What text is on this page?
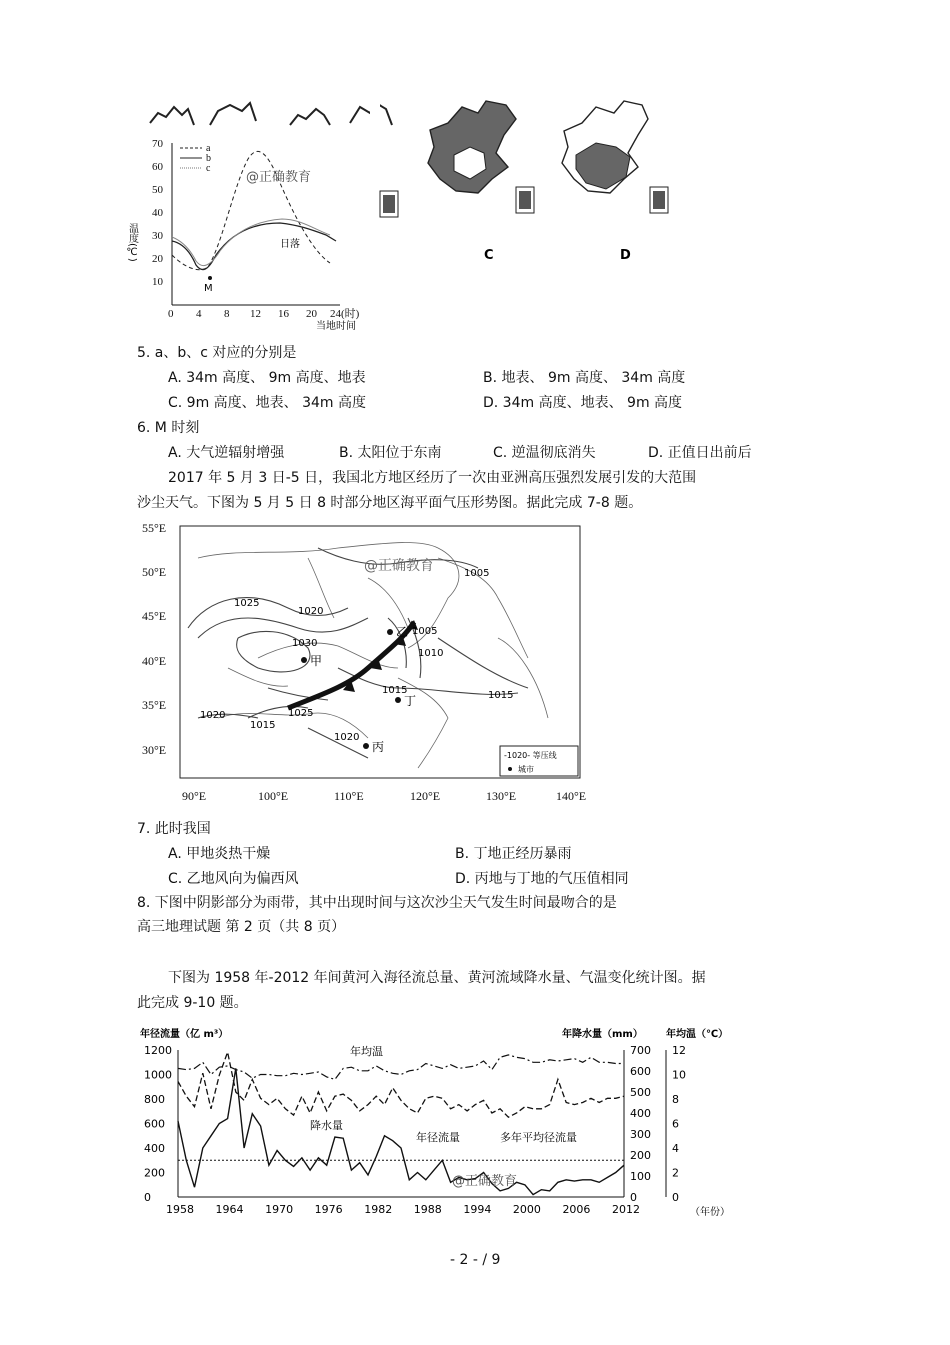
70
60
50
40
30
20
10
0 4 8 12 16 20 24(时)
当地时间
温度(℃)
a
b
c
M
日落
@正确教育
C	D
5. a、b、c 对应的分别是
A. 34m 高度、 9m 高度、地表	B. 地表、 9m 高度、 34m 高度
C. 9m 高度、地表、 34m 高度	D. 34m 高度、地表、 9m 高度
6. M 时刻
A. 大气逆辐射增强	B. 太阳位于东南	C. 逆温彻底消失	D. 正值日出前后
2017 年 5 月 3 日-5 日，我国北方地区经历了一次由亚洲高压强烈发展引发的大范围
沙尘天气。下图为 5 月 5 日 8 时部分地区海平面气压形势图。据此完成 7-8 题。
55°E
50°E
45°E
40°E
35°E
30°E
90°E	100°E	110°E	120°E	130°E	140°E
1025
1020
1030
1005
1005
1010
1015	1015
1020
1015
1025
1020
甲
乙
丙
丁
@正确教育
-1020- 等压线
城市
7. 此时我国
A. 甲地炎热干燥	B. 丁地正经历暴雨
C. 乙地风向为偏西风	D. 丙地与丁地的气压值相同
8. 下图中阴影部分为雨带，其中出现时间与这次沙尘天气发生时间最吻合的是
高三地理试题 第 2 页（共 8 页）
下图为 1958 年-2012 年间黄河入海径流总量、黄河流域降水量、气温变化统计图。据
此完成 9-10 题。
年径流量（亿 m³）	年降水量（mm） 年均温（℃）
1200
1000
800
600
400
200
0
700
600
500
400
300
200
100
0
12
10
8
6
4
2
0
1958 1964 1970 1976 1982 1988 1994 2000 2006 2012
@正确教育
（年份）
年均温
降水量
年径流量	多年平均径流量
- 2 - / 9
